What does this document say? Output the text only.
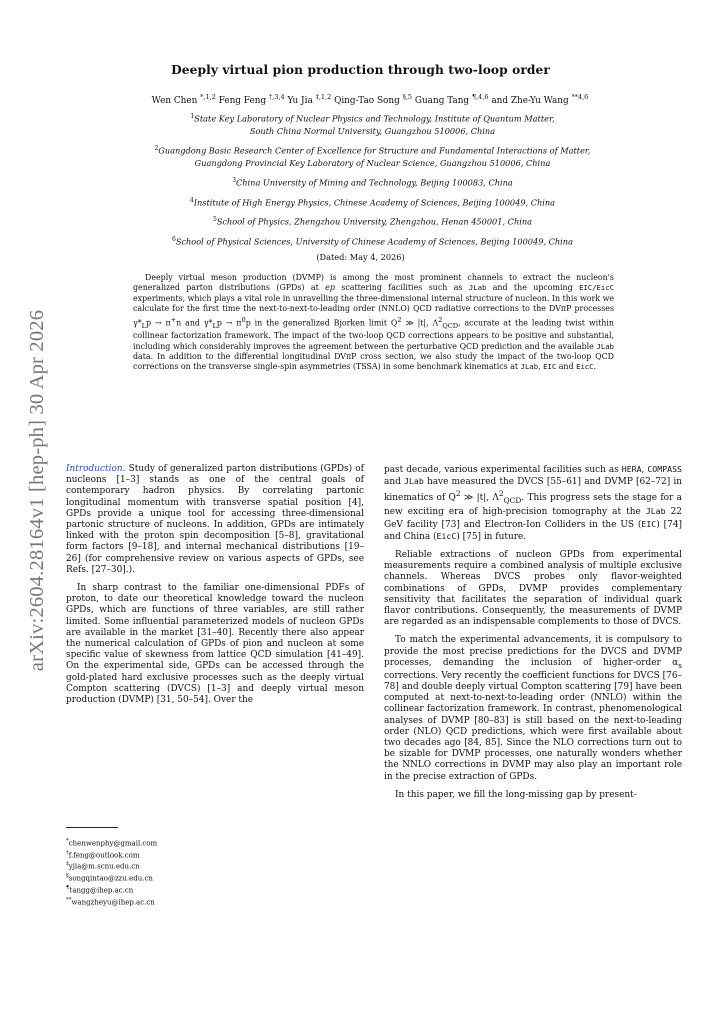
arXiv:2604.28164v1 [hep-ph] 30 Apr 2026
Deeply virtual pion production through two-loop order
Wen Chen $^{*,1,2}$ Feng Feng $^{\dagger,3,4}$ Yu Jia $^{\ddagger,1,2}$ Qing-Tao Song $^{\S,5}$ Guang Tang $^{\P,4,6}$ and Zhe-Yu Wang $^{**4,6}$
$^1$State Key Laboratory of Nuclear Physics and Technology, Institute of Quantum Matter,
South China Normal University, Guangzhou 510006, China
$^2$Guangdong Basic Research Center of Excellence for Structure and Fundamental Interactions of Matter,
Guangdong Provincial Key Laboratory of Nuclear Science, Guangzhou 510006, China
$^3$China University of Mining and Technology, Beijing 100083, China
$^4$Institute of High Energy Physics, Chinese Academy of Sciences, Beijing 100049, China
$^5$School of Physics, Zhengzhou University, Zhengzhou, Henan 450001, China
$^6$School of Physical Sciences, University of Chinese Academy of Sciences, Beijing 100049, China
(Dated: May 4, 2026)
Deeply virtual meson production (DVMP) is among the most prominent channels to extract the nucleon's generalized parton distributions (GPDs) at ep scattering facilities such as JLab and the upcoming EIC/EicC experiments, which plays a vital role in unravelling the three-dimensional internal structure of nucleon. In this work we calculate for the first time the next-to-next-to-leading order (NNLO) QCD radiative corrections to the DVπP processes $\gamma*_Lp \to \pi^+n$ and $\gamma*_Lp \to \pi^0p$ in the generalized Bjorken limit $Q^2$ ≫ |t|, $\Lambda^2_{QCD}$, accurate at the leading twist within collinear factorization framework. The impact of the two-loop QCD corrections appears to be positive and substantial, including which considerably improves the agreement between the perturbative QCD prediction and the available JLab data. In addition to the differential longitudinal DVπP cross section, we also study the impact of the two-loop QCD corrections on the transverse single-spin asymmetries (TSSA) in some benchmark kinematics at JLab, EIC and EicC.

Introduction. Study of generalized parton distributions (GPDs) of nucleons [1–3] stands as one of the central goals of contemporary hadron physics. By correlating partonic longitudinal momentum with transverse spatial position [4], GPDs provide a unique tool for accessing three-dimensional partonic structure of nucleons. In addition, GPDs are intimately linked with the proton spin decomposition [5–8], gravitational form factors [9–18], and internal mechanical distributions [19–26] (for comprehensive review on various aspects of GPDs, see Refs. [27–30].).

In sharp contrast to the familiar one-dimensional PDFs of proton, to date our theoretical knowledge toward the nucleon GPDs, which are functions of three variables, are still rather limited. Some influential parameterized models of nucleon GPDs are available in the market [31–40]. Recently there also appear the numerical calculation of GPDs of pion and nucleon at some specific value of skewness from lattice QCD simulation [41–49]. On the experimental side, GPDs can be accessed through the gold-plated hard exclusive processes such as the deeply virtual Compton scattering (DVCS) [1–3] and deeply virtual meson production (DVMP) [31, 50–54]. Over the

*chenwenphy@gmail.com
†f.feng@outlook.com
‡yjia@m.scnu.edu.cn
§songqintao@zzu.edu.cn
¶tangg@ihep.ac.cn
**wangzheyu@ihep.ac.cn

past decade, various experimental facilities such as HERA, COMPASS and JLab have measured the DVCS [55–61] and DVMP [62–72] in kinematics of $Q^2$ ≫ |t|, $\Lambda^2_{QCD}$. This progress sets the stage for a new exciting era of high-precision tomography at the JLab 22 GeV facility [73] and Electron-Ion Colliders in the US (EIC) [74] and China (EicC) [75] in future.

Reliable extractions of nucleon GPDs from experimental measurements require a combined analysis of multiple exclusive channels. Whereas DVCS probes only flavor-weighted combinations of GPDs, DVMP provides complementary sensitivity that facilitates the separation of individual quark flavor contributions. Consequently, the measurements of DVMP are regarded as an indispensable complements to those of DVCS.

To match the experimental advancements, it is compulsory to provide the most precise predictions for the DVCS and DVMP processes, demanding the inclusion of higher-order $\alpha_s$ corrections. Very recently the coefficient functions for DVCS [76–78] and double deeply virtual Compton scattering [79] have been computed at next-to-next-to-leading order (NNLO) within the collinear factorization framework. In contrast, phenomenological analyses of DVMP [80–83] is still based on the next-to-leading order (NLO) QCD predictions, which were first available about two decades ago [84, 85]. Since the NLO corrections turn out to be sizable for DVMP processes, one naturally wonders whether the NNLO corrections in DVMP may also play an important role in the precise extraction of GPDs.

In this paper, we fill the long-missing gap by present-
